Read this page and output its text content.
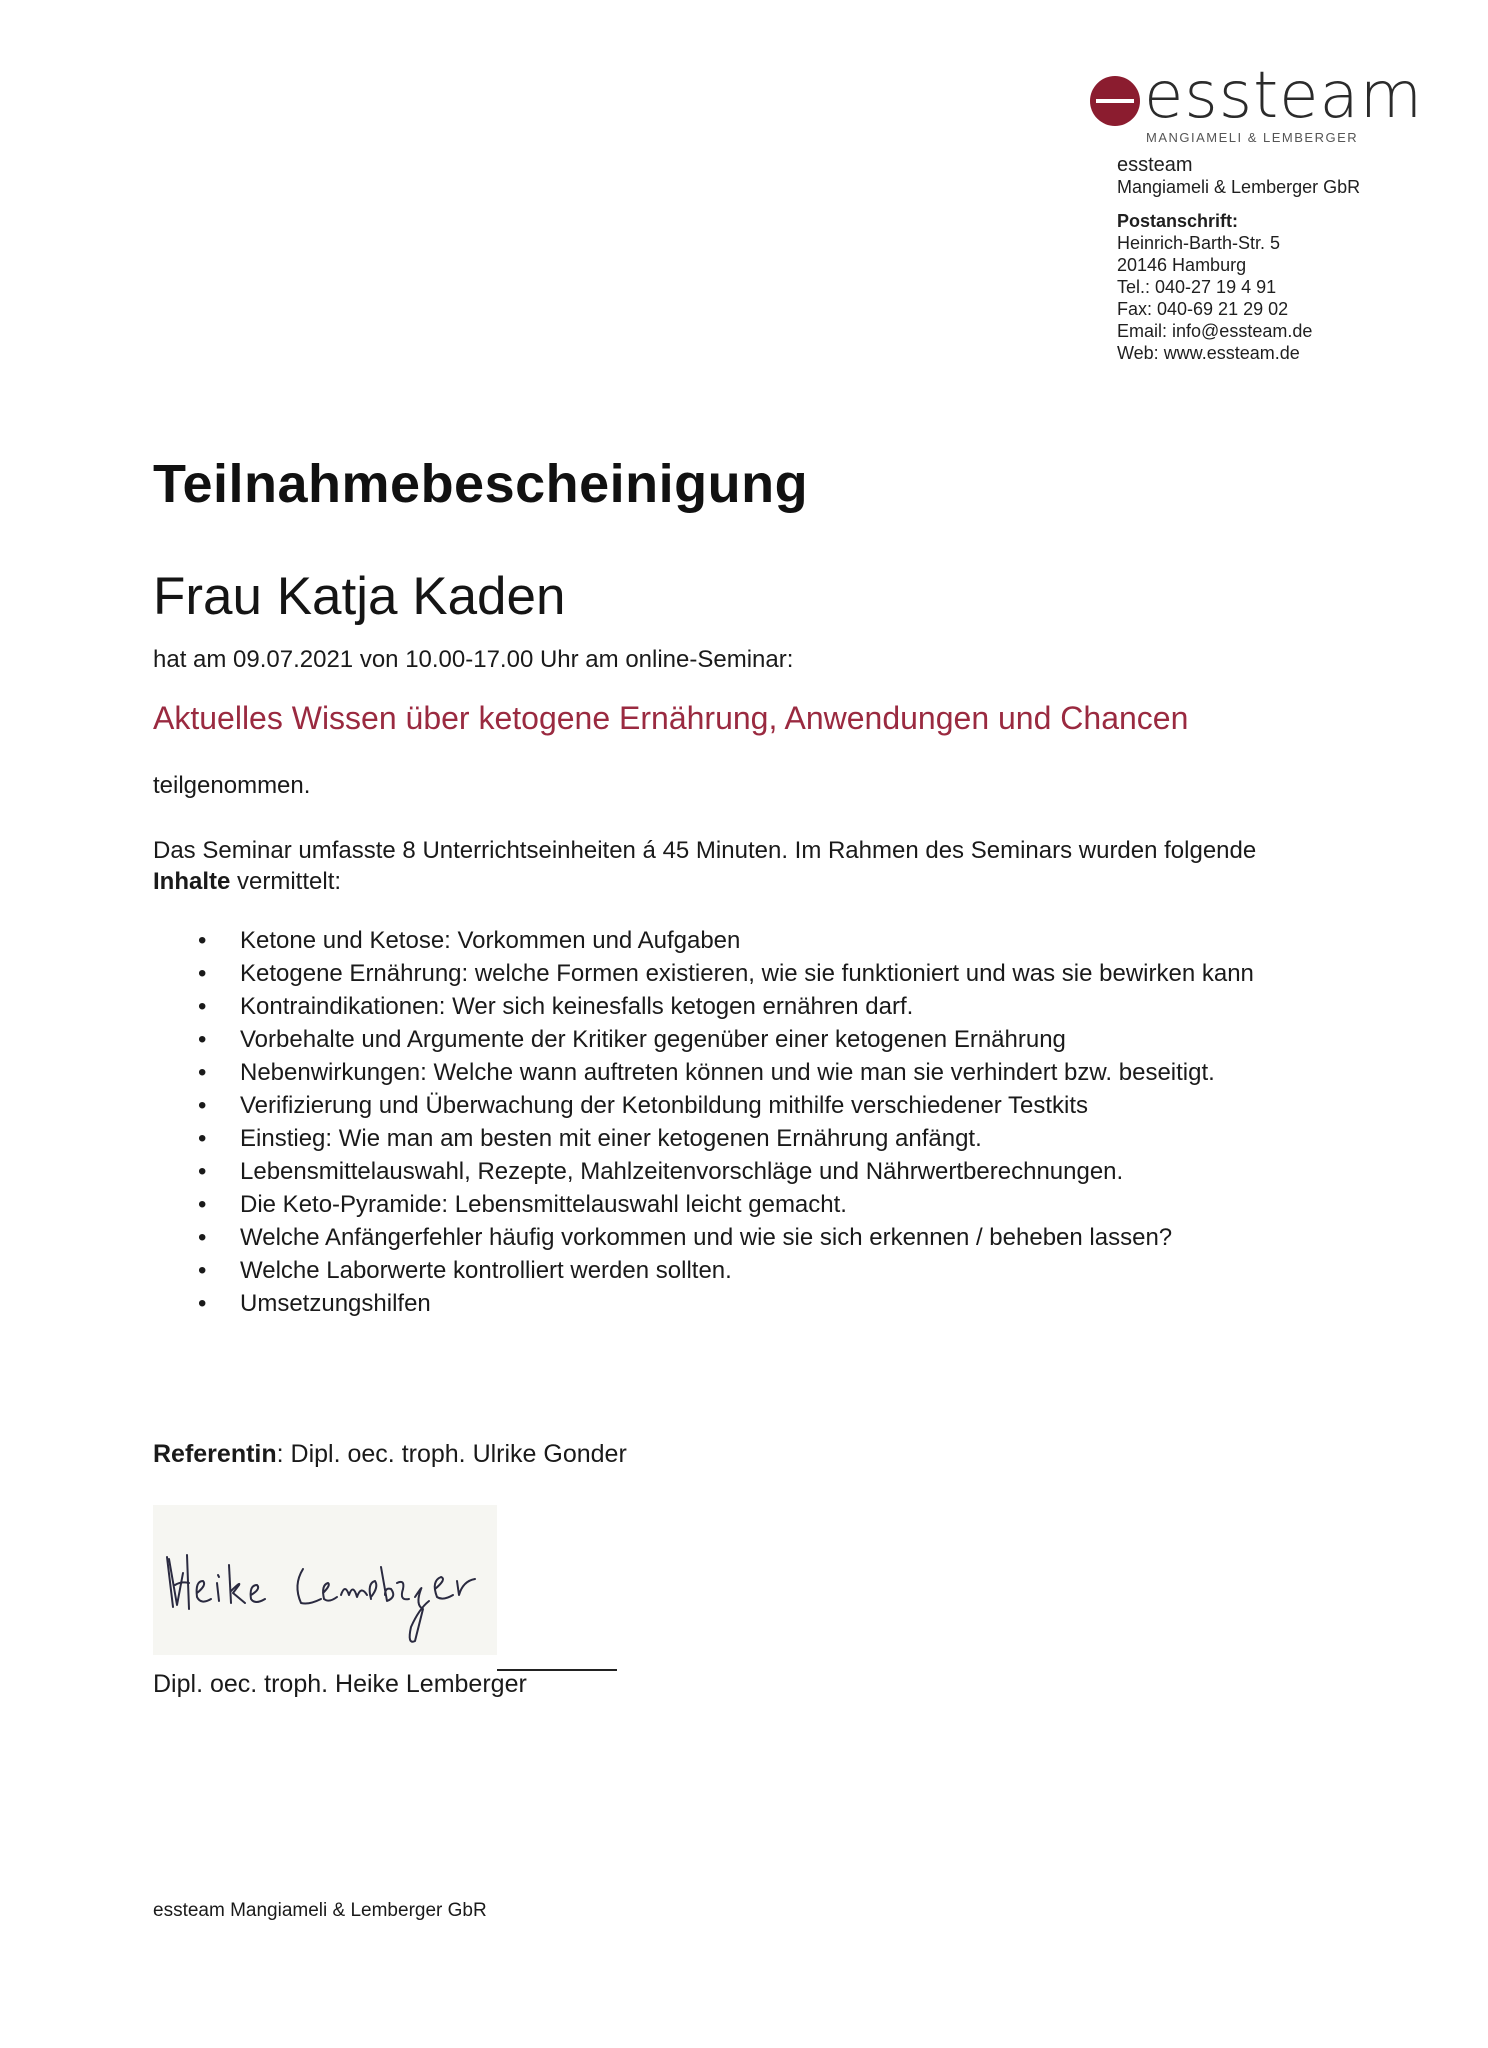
essteam
MANGIAMELI & LEMBERGER
essteam
Mangiameli & Lemberger GbR
Postanschrift:
Heinrich-Barth-Str. 5
20146 Hamburg
Tel.: 040-27 19 4 91
Fax: 040-69 21 29 02
Email: info@essteam.de
Web: www.essteam.de
Teilnahmebescheinigung
Frau Katja Kaden
hat am 09.07.2021 von 10.00-17.00 Uhr am online-Seminar:
Aktuelles Wissen über ketogene Ernährung, Anwendungen und Chancen
teilgenommen.
Das Seminar umfasste 8 Unterrichtseinheiten á 45 Minuten. Im Rahmen des Seminars wurden folgende Inhalte vermittelt:
• Ketone und Ketose: Vorkommen und Aufgaben
• Ketogene Ernährung: welche Formen existieren, wie sie funktioniert und was sie bewirken kann
• Kontraindikationen: Wer sich keinesfalls ketogen ernähren darf.
• Vorbehalte und Argumente der Kritiker gegenüber einer ketogenen Ernährung
• Nebenwirkungen: Welche wann auftreten können und wie man sie verhindert bzw. beseitigt.
• Verifizierung und Überwachung der Ketonbildung mithilfe verschiedener Testkits
• Einstieg: Wie man am besten mit einer ketogenen Ernährung anfängt.
• Lebensmittelauswahl, Rezepte, Mahlzeitenvorschläge und Nährwertberechnungen.
• Die Keto-Pyramide: Lebensmittelauswahl leicht gemacht.
• Welche Anfängerfehler häufig vorkommen und wie sie sich erkennen / beheben lassen?
• Welche Laborwerte kontrolliert werden sollten.
• Umsetzungshilfen
Referentin: Dipl. oec. troph. Ulrike Gonder
Dipl. oec. troph. Heike Lemberger
essteam Mangiameli & Lemberger GbR
